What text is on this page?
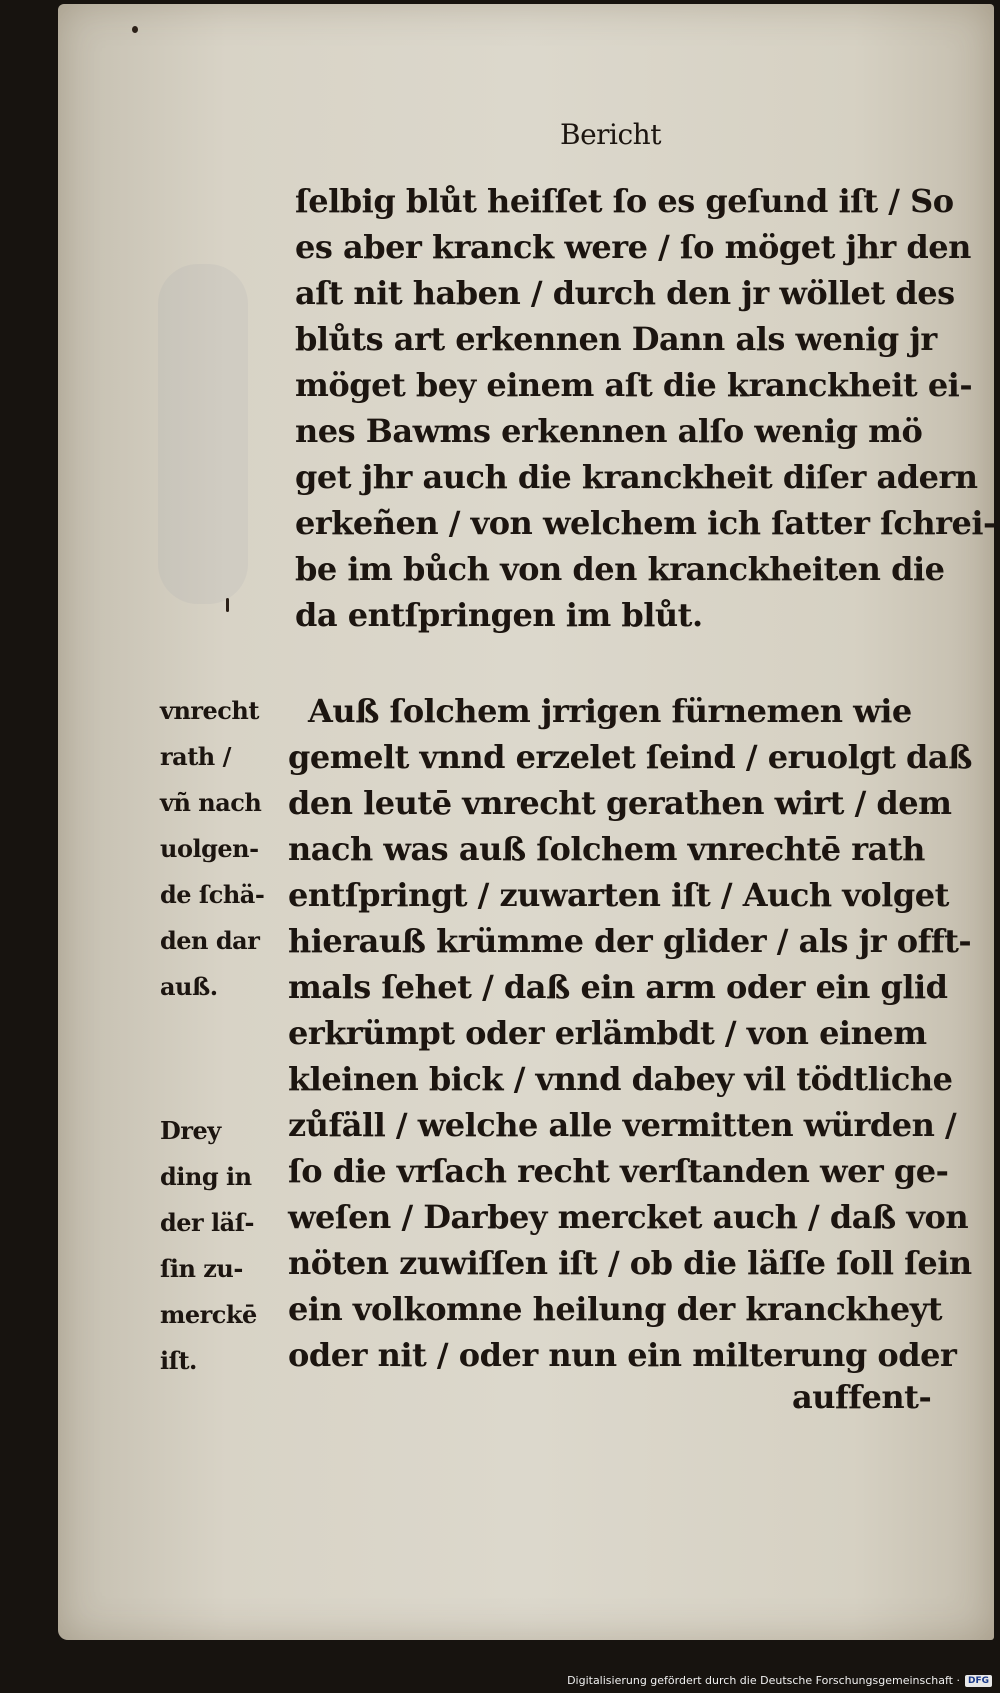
Bericht
ſelbig blůt heiſſet ſo es geſund iſt / So
es aber kranck were / ſo möget jhr den
aſt nit haben / durch den jr wöllet des
blůts art erkennen Dann als wenig jr
möget bey einem aſt die kranckheit ei-
nes Bawms erkennen alſo wenig mö
get jhr auch die kranckheit diſer adern
erkeñen / von welchem ich ſatter ſchrei-
be im bůch von den kranckheiten die
da entſpringen im blůt.
vnrecht
rath /
vñ nach
uolgen-
de ſchä-
den dar
auß.
Drey
ding in
der läſ-
ſin zu-
merckē
iſt.
Auß ſolchem jrrigen fürnemen wie
gemelt vnnd erzelet ſeind / eruolgt daß
den leutē vnrecht gerathen wirt / dem
nach was auß ſolchem vnrechtē rath
entſpringt / zuwarten iſt / Auch volget
hierauß krümme der glider / als jr offt-
mals ſehet / daß ein arm oder ein glid
erkrümpt oder erlämbdt / von einem
kleinen bick / vnnd dabey vil tödtliche
zůfäll / welche alle vermitten würden /
ſo die vrſach recht verſtanden wer ge-
weſen / Darbey mercket auch / daß von
nöten zuwiſſen iſt / ob die läſſe ſoll ſein
ein volkomne heilung der kranckheyt
oder nit / oder nun ein milterung oder
auffent-
Digitalisierung gefördert durch die Deutsche Forschungsgemeinschaft · DFG
